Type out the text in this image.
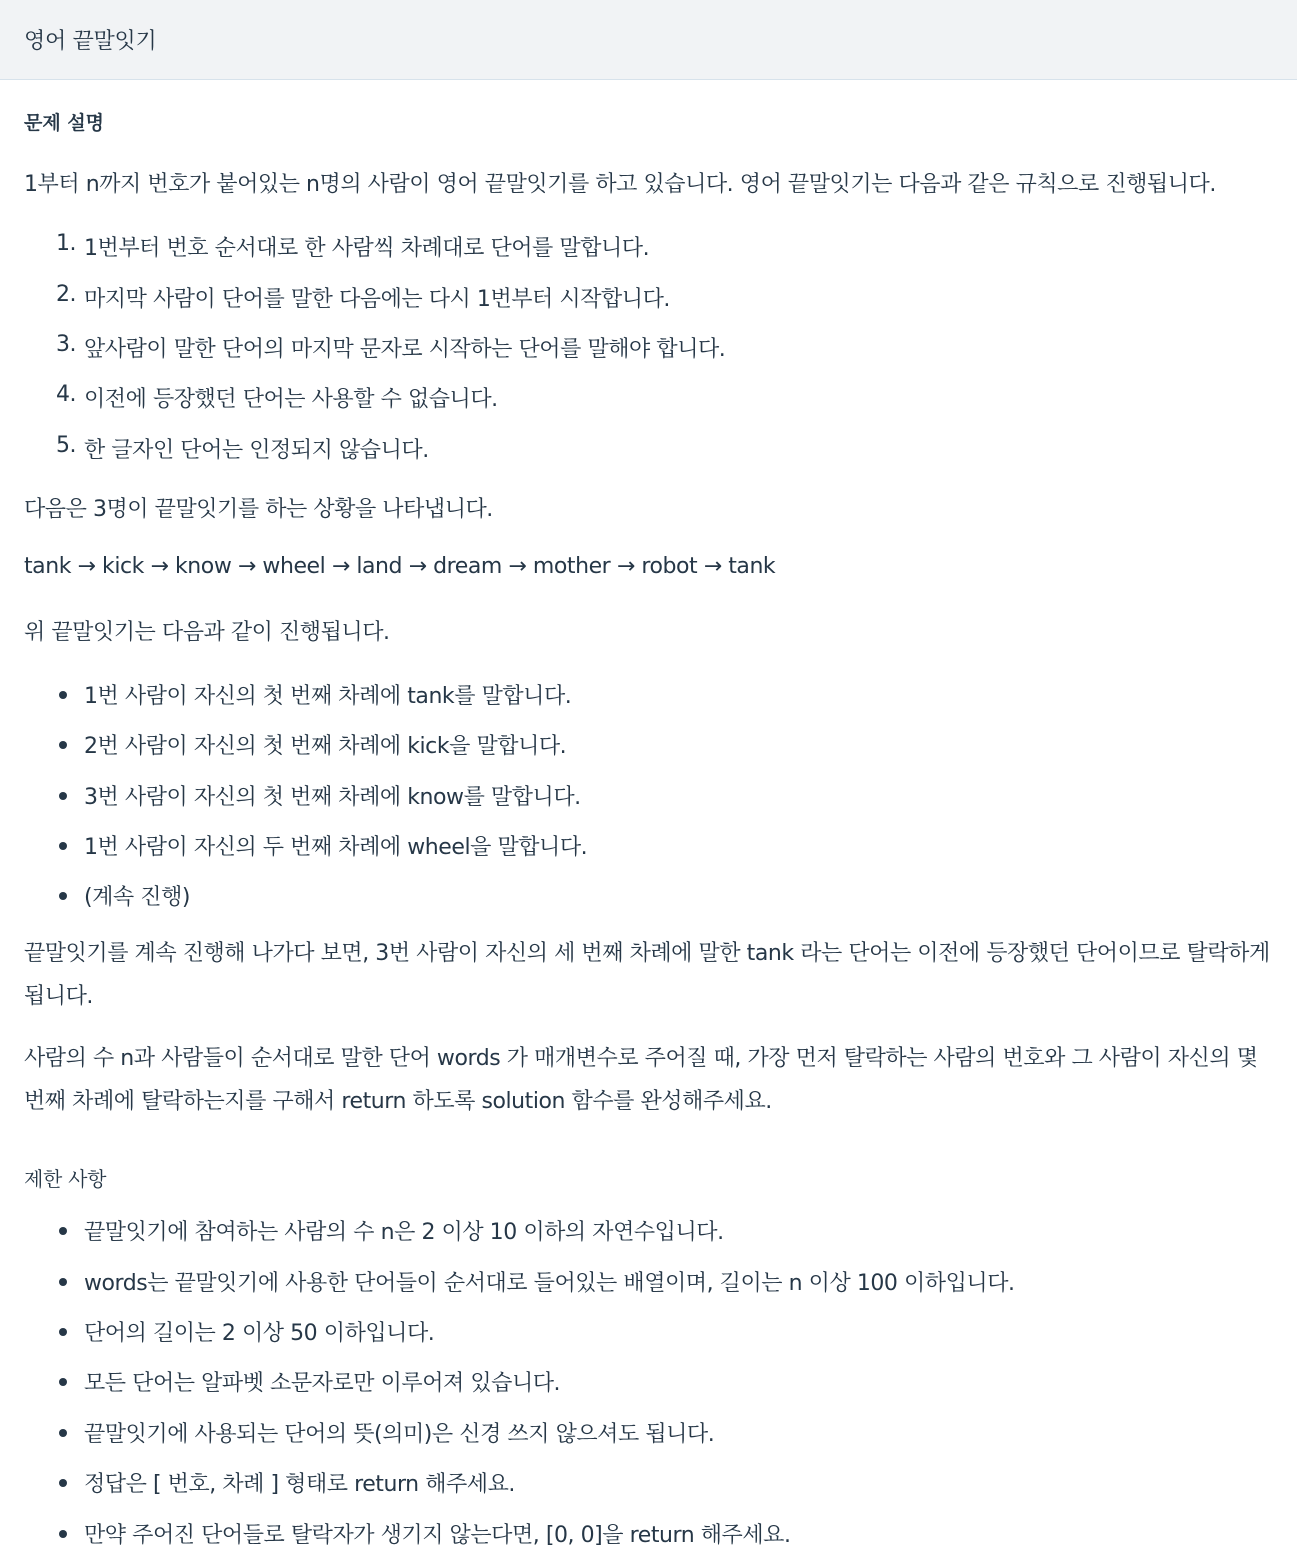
영어 끝말잇기
문제 설명
1부터 n까지 번호가 붙어있는 n명의 사람이 영어 끝말잇기를 하고 있습니다. 영어 끝말잇기는 다음과 같은 규칙으로 진행됩니다.
1. 1번부터 번호 순서대로 한 사람씩 차례대로 단어를 말합니다.
2. 마지막 사람이 단어를 말한 다음에는 다시 1번부터 시작합니다.
3. 앞사람이 말한 단어의 마지막 문자로 시작하는 단어를 말해야 합니다.
4. 이전에 등장했던 단어는 사용할 수 없습니다.
5. 한 글자인 단어는 인정되지 않습니다.
다음은 3명이 끝말잇기를 하는 상황을 나타냅니다.
tank → kick → know → wheel → land → dream → mother → robot → tank
위 끝말잇기는 다음과 같이 진행됩니다.
1번 사람이 자신의 첫 번째 차례에 tank를 말합니다.
2번 사람이 자신의 첫 번째 차례에 kick을 말합니다.
3번 사람이 자신의 첫 번째 차례에 know를 말합니다.
1번 사람이 자신의 두 번째 차례에 wheel을 말합니다.
(계속 진행)
끝말잇기를 계속 진행해 나가다 보면, 3번 사람이 자신의 세 번째 차례에 말한 tank 라는 단어는 이전에 등장했던 단어이므로 탈락하게 됩니다.
사람의 수 n과 사람들이 순서대로 말한 단어 words 가 매개변수로 주어질 때, 가장 먼저 탈락하는 사람의 번호와 그 사람이 자신의 몇 번째 차례에 탈락하는지를 구해서 return 하도록 solution 함수를 완성해주세요.
제한 사항
끝말잇기에 참여하는 사람의 수 n은 2 이상 10 이하의 자연수입니다.
words는 끝말잇기에 사용한 단어들이 순서대로 들어있는 배열이며, 길이는 n 이상 100 이하입니다.
단어의 길이는 2 이상 50 이하입니다.
모든 단어는 알파벳 소문자로만 이루어져 있습니다.
끝말잇기에 사용되는 단어의 뜻(의미)은 신경 쓰지 않으셔도 됩니다.
정답은 [ 번호, 차례 ] 형태로 return 해주세요.
만약 주어진 단어들로 탈락자가 생기지 않는다면, [0, 0]을 return 해주세요.
